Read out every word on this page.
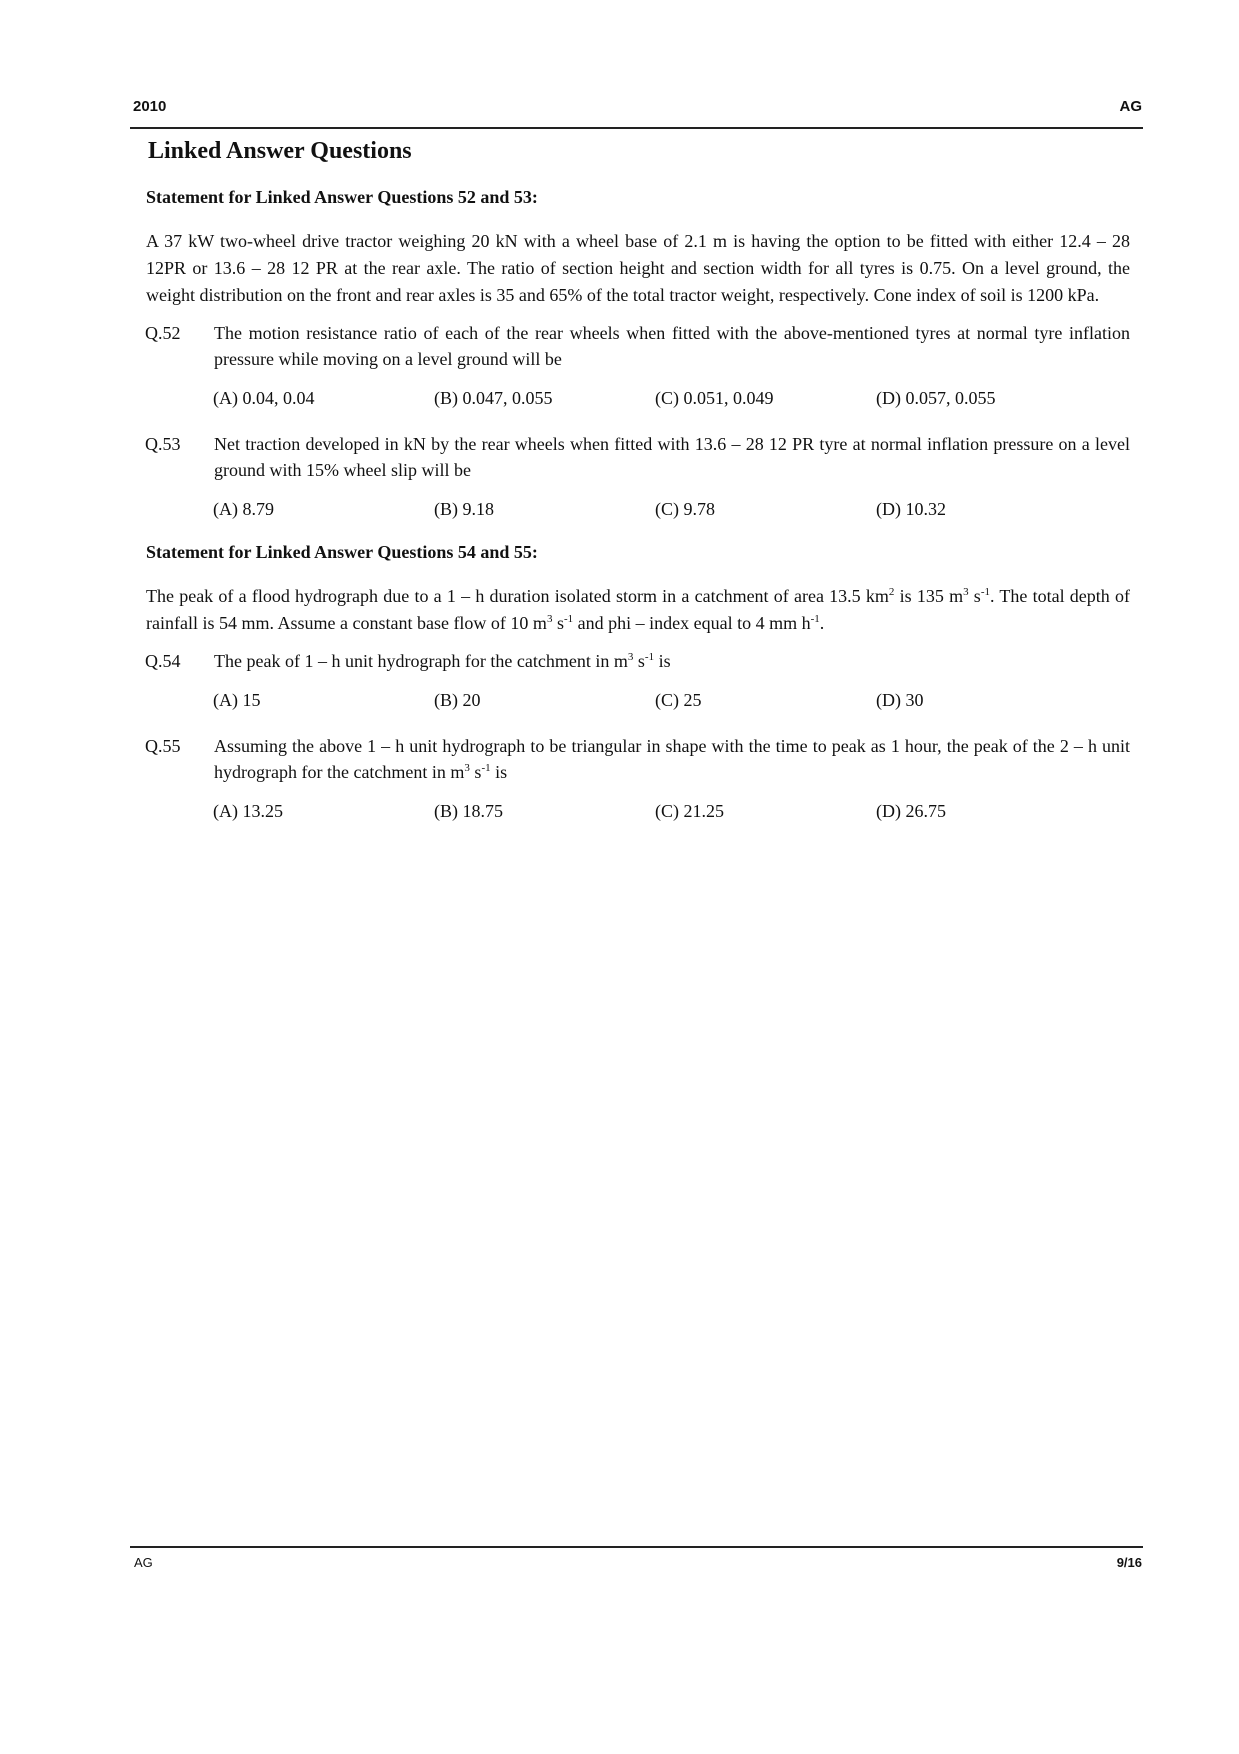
2010	AG
Linked Answer Questions
Statement for Linked Answer Questions 52 and 53:
A 37 kW two-wheel drive tractor weighing 20 kN with a wheel base of 2.1 m is having the option to be fitted with either 12.4 – 28 12PR or 13.6 – 28 12 PR at the rear axle. The ratio of section height and section width for all tyres is 0.75. On a level ground, the weight distribution on the front and rear axles is 35 and 65% of the total tractor weight, respectively. Cone index of soil is 1200 kPa.
Q.52	The motion resistance ratio of each of the rear wheels when fitted with the above-mentioned tyres at normal tyre inflation pressure while moving on a level ground will be
(A) 0.04, 0.04	(B) 0.047, 0.055	(C) 0.051, 0.049	(D) 0.057, 0.055
Q.53	Net traction developed in kN by the rear wheels when fitted with 13.6 – 28 12 PR tyre at normal inflation pressure on a level ground with 15% wheel slip will be
(A) 8.79	(B) 9.18	(C) 9.78	(D) 10.32
Statement for Linked Answer Questions 54 and 55:
The peak of a flood hydrograph due to a 1 – h duration isolated storm in a catchment of area 13.5 $km^2$ is 135 $m^3$ $s^{-1}$. The total depth of rainfall is 54 mm. Assume a constant base flow of 10 $m^3$ $s^{-1}$ and phi – index equal to 4 mm $h^{-1}$.
Q.54	The peak of 1 – h unit hydrograph for the catchment in $m^3$ $s^{-1}$ is
(A) 15	(B) 20	(C) 25	(D) 30
Q.55	Assuming the above 1 – h unit hydrograph to be triangular in shape with the time to peak as 1 hour, the peak of the 2 – h unit hydrograph for the catchment in $m^3$ $s^{-1}$ is
(A) 13.25	(B) 18.75	(C) 21.25	(D) 26.75
AG	9/16
